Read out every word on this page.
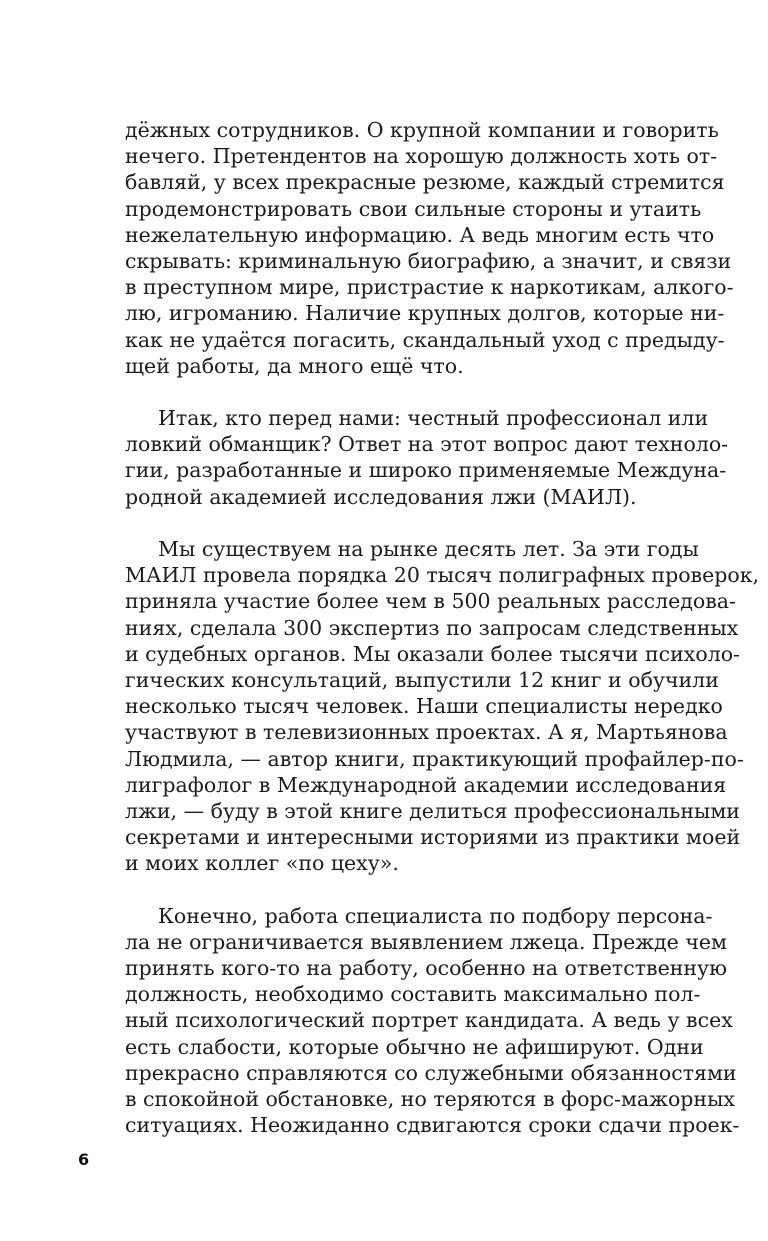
дёжных сотрудников. О крупной компании и говорить
нечего. Претендентов на хорошую должность хоть от-
бавляй, у всех прекрасные резюме, каждый стремится
продемонстрировать свои сильные стороны и утаить
нежелательную информацию. А ведь многим есть что
скрывать: криминальную биографию, а значит, и связи
в преступном мире, пристрастие к наркотикам, алкого-
лю, игроманию. Наличие крупных долгов, которые ни-
как не удаётся погасить, скандальный уход с предыду-
щей работы, да много ещё что.
Итак, кто перед нами: честный профессионал или
ловкий обманщик? Ответ на этот вопрос дают техноло-
гии, разработанные и широко применяемые Междуна-
родной академией исследования лжи (МАИЛ).
Мы существуем на рынке десять лет. За эти годы
МАИЛ провела порядка 20 тысяч полиграфных проверок,
приняла участие более чем в 500 реальных расследова-
ниях, сделала 300 экспертиз по запросам следственных
и судебных органов. Мы оказали более тысячи психоло-
гических консультаций, выпустили 12 книг и обучили
несколько тысяч человек. Наши специалисты нередко
участвуют в телевизионных проектах. А я, Мартьянова
Людмила, — автор книги, практикующий профайлер-по-
лиграфолог в Международной академии исследования
лжи, — буду в этой книге делиться профессиональными
секретами и интересными историями из практики моей
и моих коллег «по цеху».
Конечно, работа специалиста по подбору персона-
ла не ограничивается выявлением лжеца. Прежде чем
принять кого-то на работу, особенно на ответственную
должность, необходимо составить максимально пол-
ный психологический портрет кандидата. А ведь у всех
есть слабости, которые обычно не афишируют. Одни
прекрасно справляются со служебными обязанностями
в спокойной обстановке, но теряются в форс-мажорных
ситуациях. Неожиданно сдвигаются сроки сдачи проек-
6
